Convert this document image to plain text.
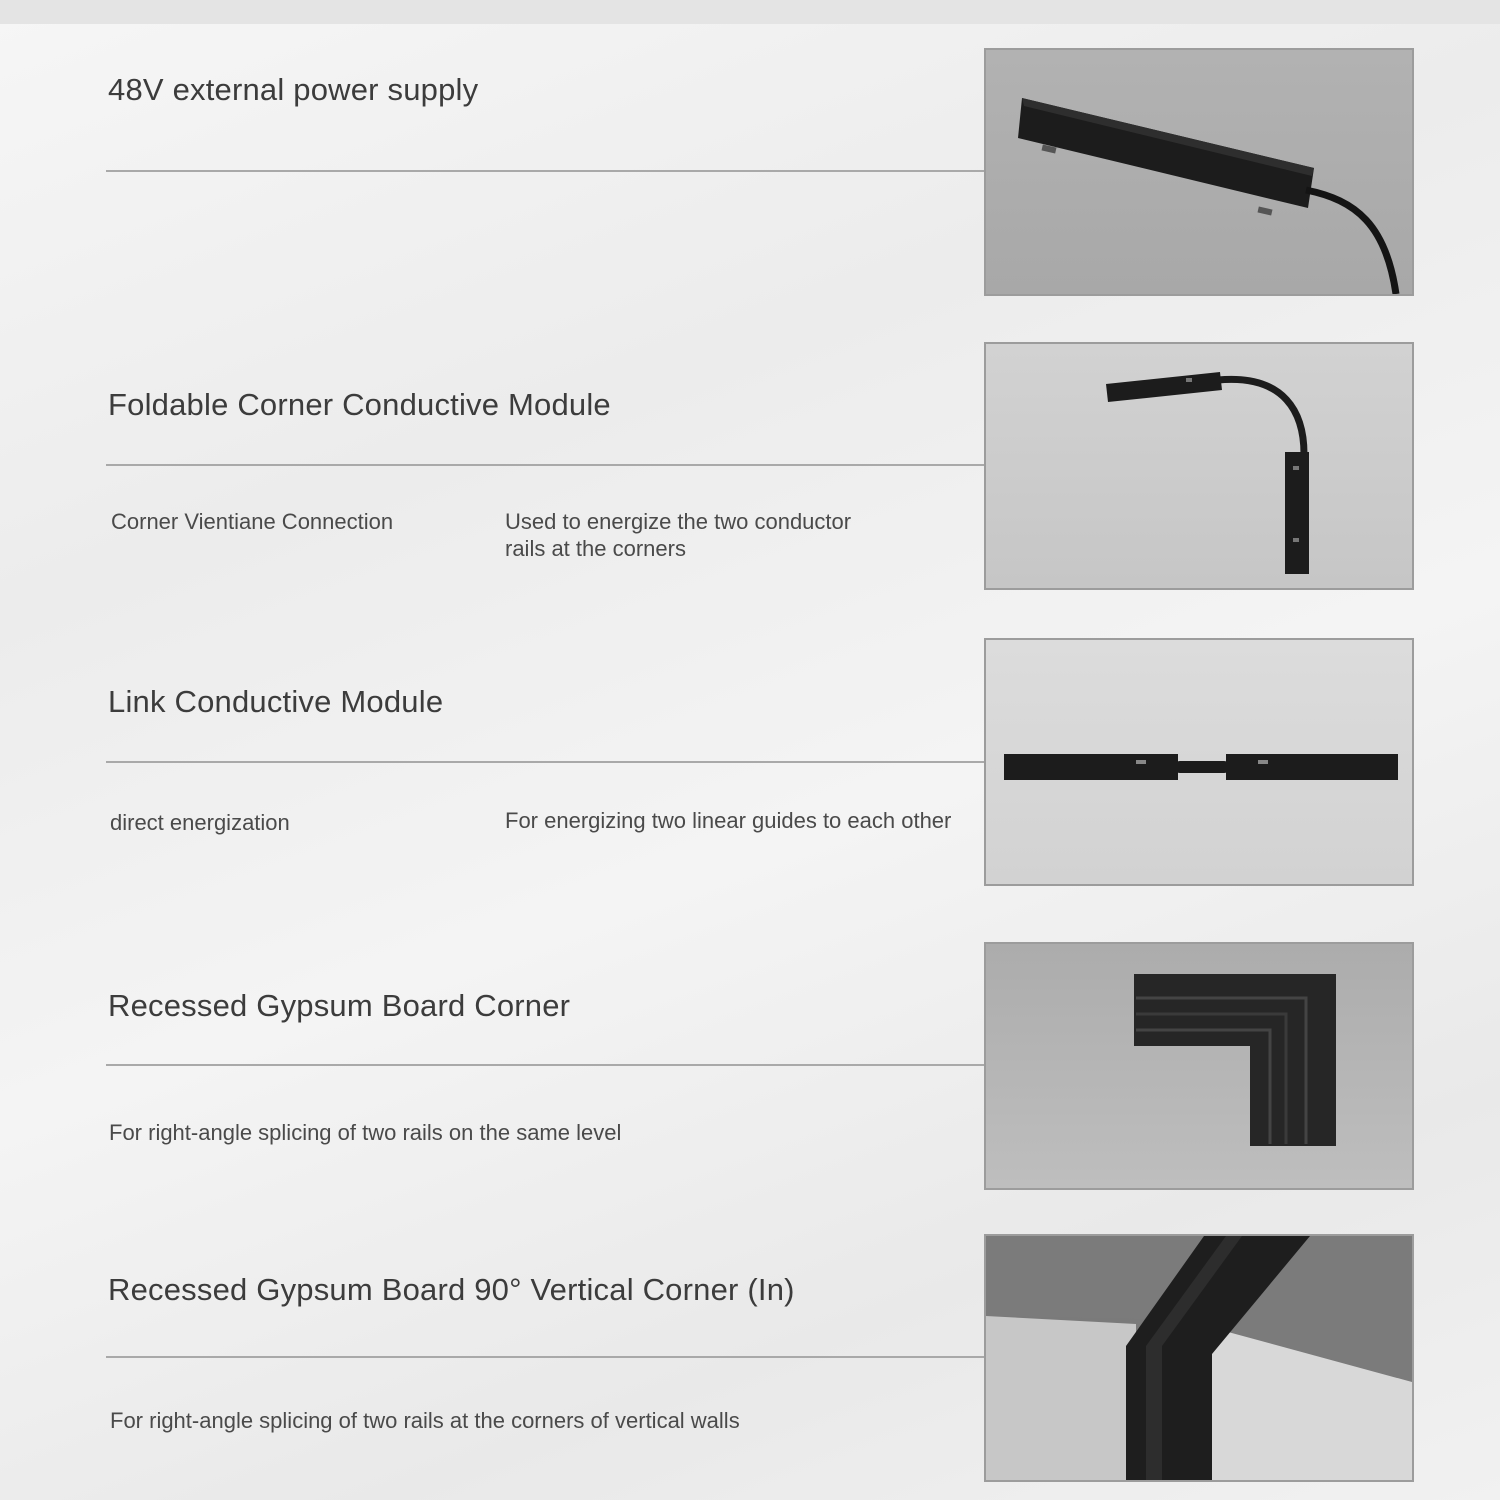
48V external power supply
Foldable Corner Conductive Module
Corner Vientiane Connection	Used to energize the two conductor rails at the corners
Link Conductive Module
direct energization	For energizing two linear guides to each other
Recessed Gypsum Board Corner
For right-angle splicing of two rails on the same level
Recessed Gypsum Board 90° Vertical Corner (In)
For right-angle splicing of two rails at the corners of vertical walls
